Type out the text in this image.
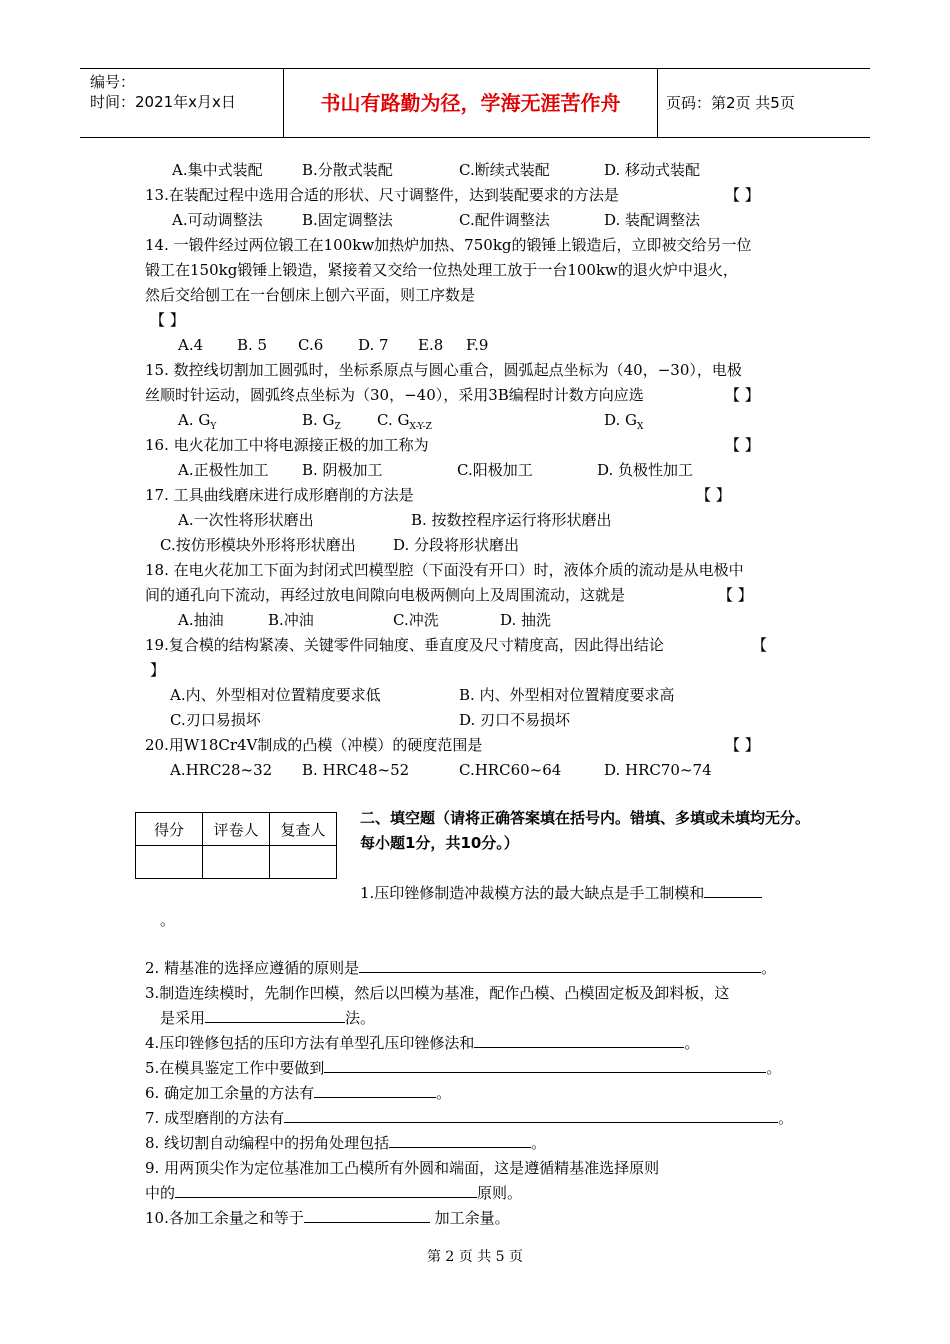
编号：
时间：2021年x月x日	书山有路勤为径，学海无涯苦作舟	页码：第2页 共5页
A.集中式装配	B.分散式装配	C.断续式装配	D. 移动式装配
13.在装配过程中选用合适的形状、尺寸调整件，达到装配要求的方法是	【 】
A.可动调整法	B.固定调整法	C.配件调整法	D. 装配调整法
14. 一锻件经过两位锻工在100kw加热炉加热、750kg的锻锤上锻造后，立即被交给另一位
锻工在150kg锻锤上锻造，紧接着又交给一位热处理工放于一台100kw的退火炉中退火，
然后交给刨工在一台刨床上刨六平面，则工序数是
【 】
A.4 B. 5 C.6 D. 7 E.8 F.9
15. 数控线切割加工圆弧时，坐标系原点与圆心重合，圆弧起点坐标为（40，−30），电极
丝顺时针运动，圆弧终点坐标为（30，−40），采用3B编程时计数方向应选	【 】
A. $G_Y$	B. $G_Z$ C. $G_{X-Y-Z}$	D. $G_X$
16. 电火花加工中将电源接正极的加工称为	【 】
A.正极性加工 B. 阴极加工	C.阳极加工	D. 负极性加工
17. 工具曲线磨床进行成形磨削的方法是	【 】
A.一次性将形状磨出	B. 按数控程序运行将形状磨出
C.按仿形模块外形将形状磨出 D. 分段将形状磨出
18. 在电火花加工下面为封闭式凹模型腔（下面没有开口）时，液体介质的流动是从电极中
间的通孔向下流动，再经过放电间隙向电极两侧向上及周围流动，这就是	【 】
A.抽油	B.冲油	C.冲洗	D. 抽洗
19.复合模的结构紧凑、关键零件同轴度、垂直度及尺寸精度高，因此得出结论	【
】
A.内、外型相对位置精度要求低	B. 内、外型相对位置精度要求高
C.刃口易损坏	D. 刃口不易损坏
20.用W18Cr4V制成的凸模（冲模）的硬度范围是	【 】
A.HRC28~32 B. HRC48~52	C.HRC60~64	D. HRC70~74
得分	评卷人	复查人

二、填空题（请将正确答案填在括号内。错填、多填或未填均无分。每小题1分，共10分。）
1.压印锉修制造冲裁模方法的最大缺点是手工制模和
。
2. 精基准的选择应遵循的原则是	。
3.制造连续模时，先制作凹模，然后以凹模为基准，配作凸模、凸模固定板及卸料板，这
是采用	法。
4.压印锉修包括的压印方法有单型孔压印锉修法和	。
5.在模具鉴定工作中要做到	。
6. 确定加工余量的方法有	。
7. 成型磨削的方法有	。
8. 线切割自动编程中的拐角处理包括	。
9. 用两顶尖作为定位基准加工凸模所有外圆和端面，这是遵循精基准选择原则
中的	原则。
10.各加工余量之和等于	加工余量。
第 2 页 共 5 页
